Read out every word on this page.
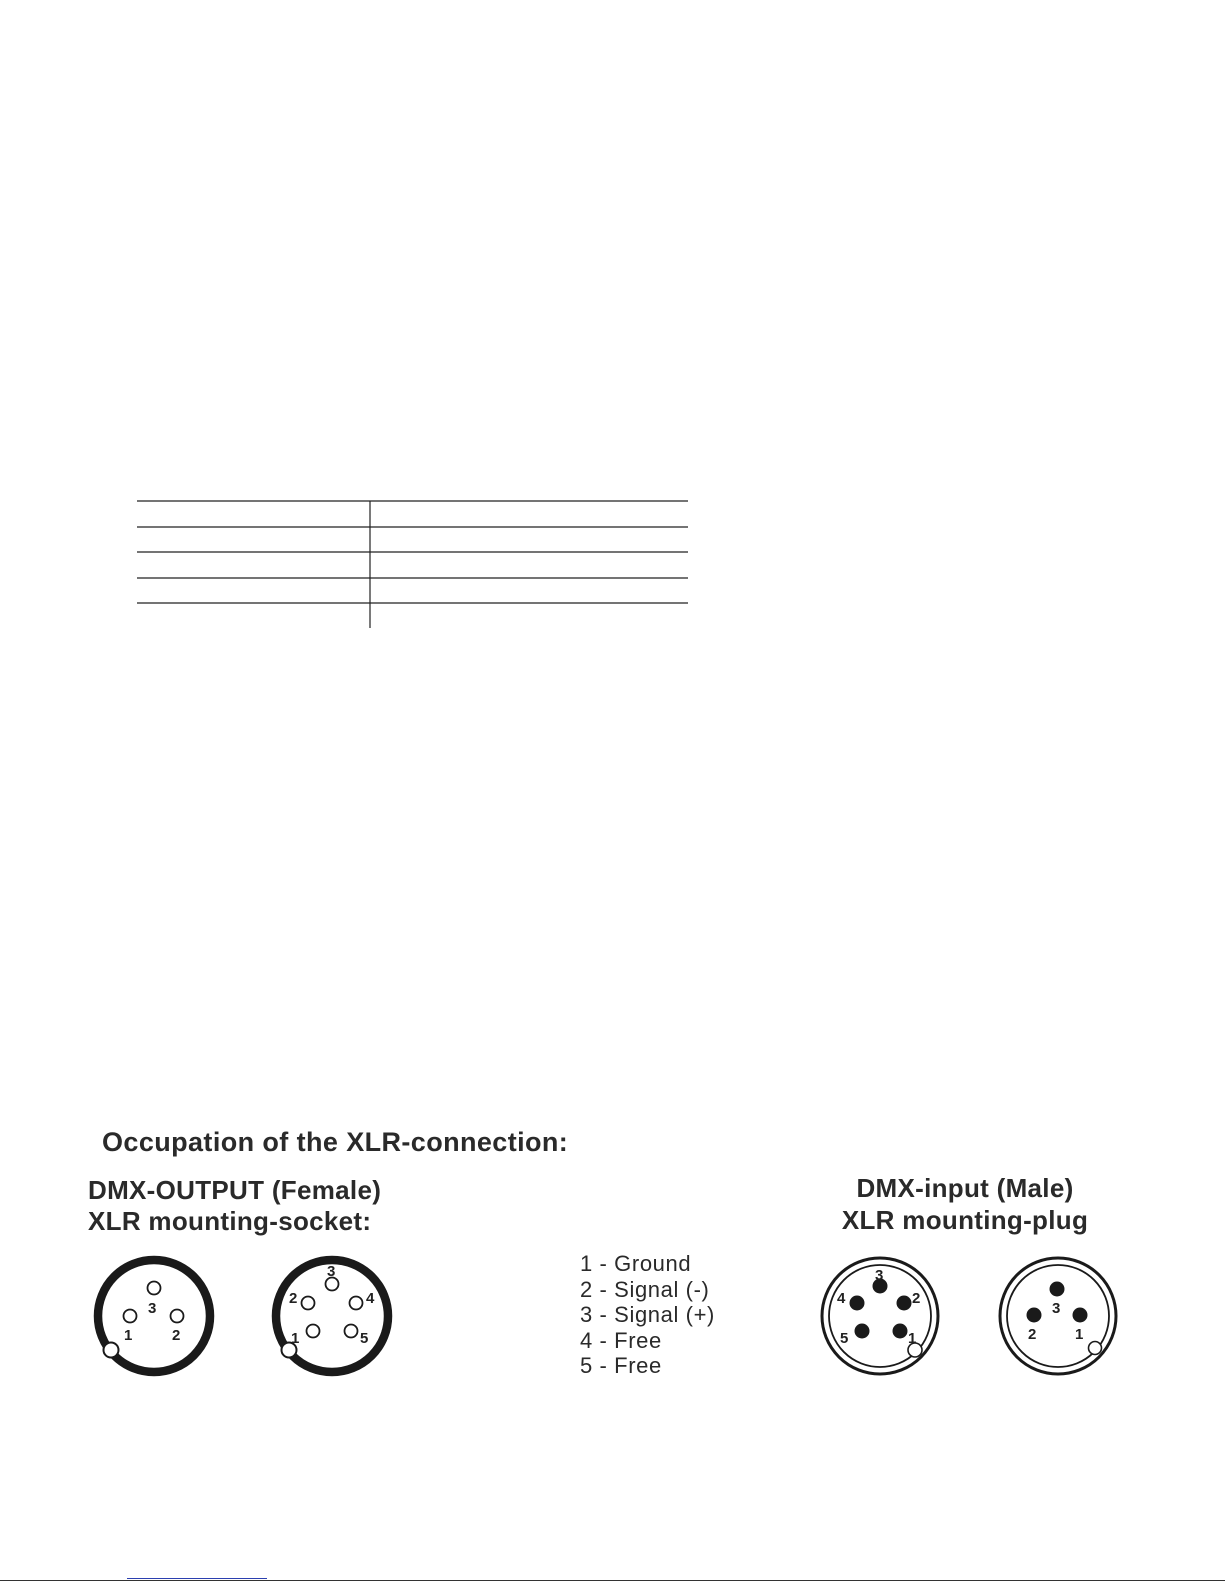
Occupation of the XLR-connection:
DMX-OUTPUT (Female)
XLR mounting-socket:
DMX-input (Male)
XLR mounting-plug
3
1	2
3
2	4
1	5
1 - Ground
2 - Signal (-)
3 - Signal (+)
4 - Free
5 - Free
3
4	2
5	1
3
2	1
